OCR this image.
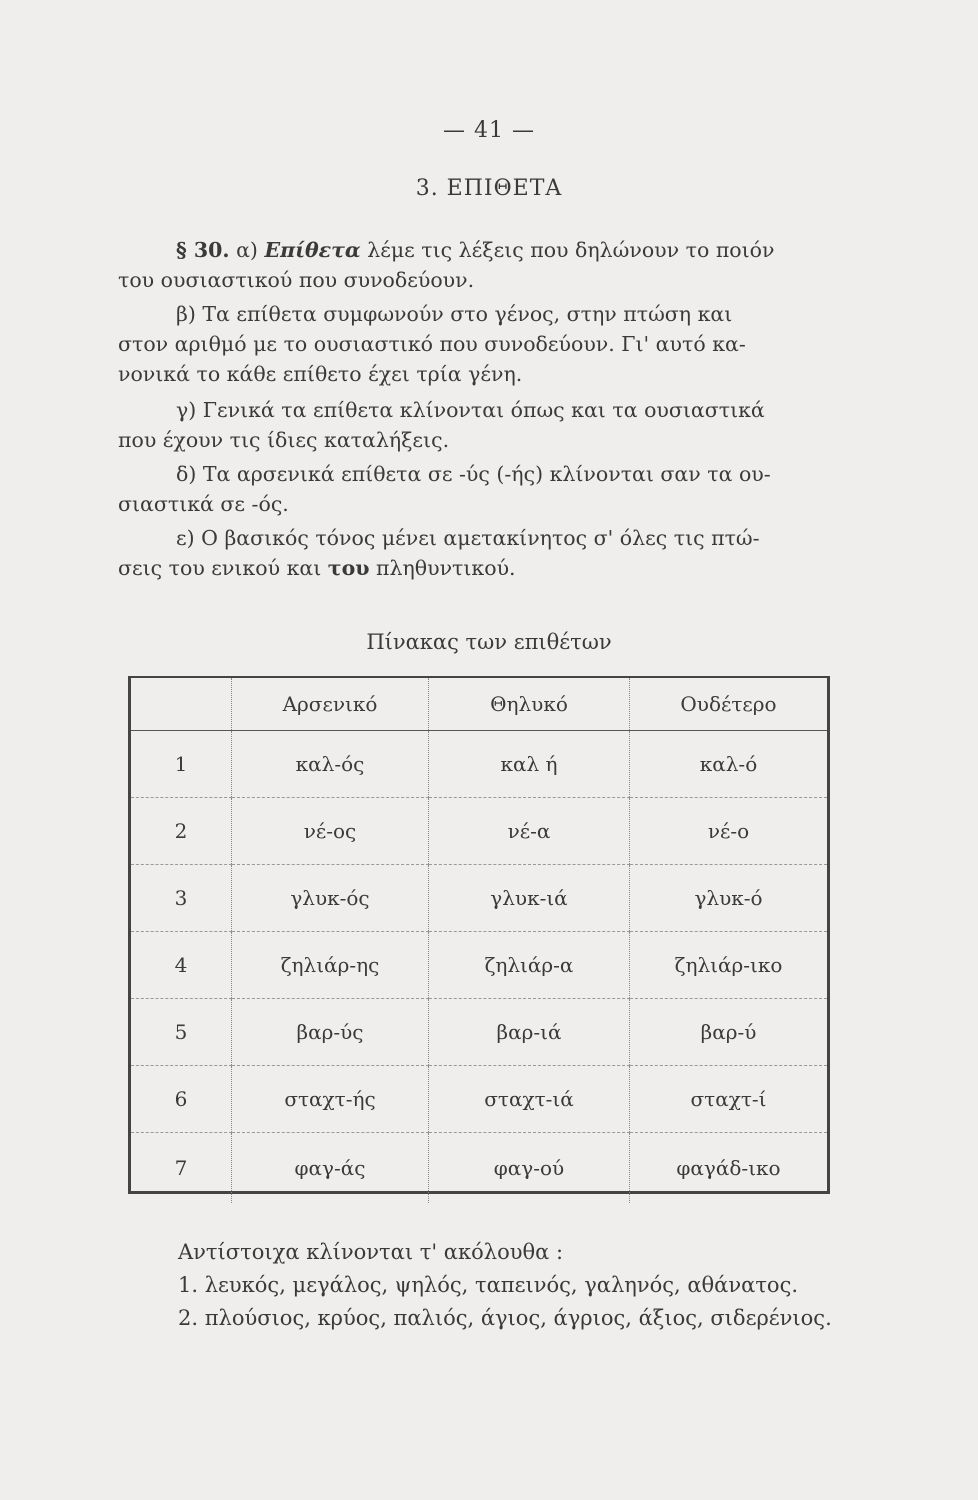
— 41 —
3. ΕΠΙΘΕΤΑ
§ 30. α) Επίθετα λέμε τις λέξεις που δηλώνουν το ποιόν
του ουσιαστικού που συνοδεύουν.
β) Τα επίθετα συμφωνούν στο γένος, στην πτώση και
στον αριθμό με το ουσιαστικό που συνοδεύουν. Γι' αυτό κα-
νονικά το κάθε επίθετο έχει τρία γένη.
γ) Γενικά τα επίθετα κλίνονται όπως και τα ουσιαστικά
που έχουν τις ίδιες καταλήξεις.
δ) Τα αρσενικά επίθετα σε -ύς (-ής) κλίνονται σαν τα ου-
σιαστικά σε -ός.
ε) Ο βασικός τόνος μένει αμετακίνητος σ' όλες τις πτώ-
σεις του ενικού και του πληθυντικού.
Πίνακας των επιθέτων
	Αρσενικό	Θηλυκό	Ουδέτερο
1	καλ-ός	καλ ή	καλ-ό
2	νέ-ος	νέ-α	νέ-ο
3	γλυκ-ός	γλυκ-ιά	γλυκ-ό
4	ζηλιάρ-ης	ζηλιάρ-α	ζηλιάρ-ικο
5	βαρ-ύς	βαρ-ιά	βαρ-ύ
6	σταχτ-ής	σταχτ-ιά	σταχτ-ί
7	φαγ-άς	φαγ-ού	φαγάδ-ικο
Αντίστοιχα κλίνονται τ' ακόλουθα :
1. λευκός, μεγάλος, ψηλός, ταπεινός, γαληνός, αθάνατος.
2. πλούσιος, κρύος, παλιός, άγιος, άγριος, άξιος, σιδερένιος.
